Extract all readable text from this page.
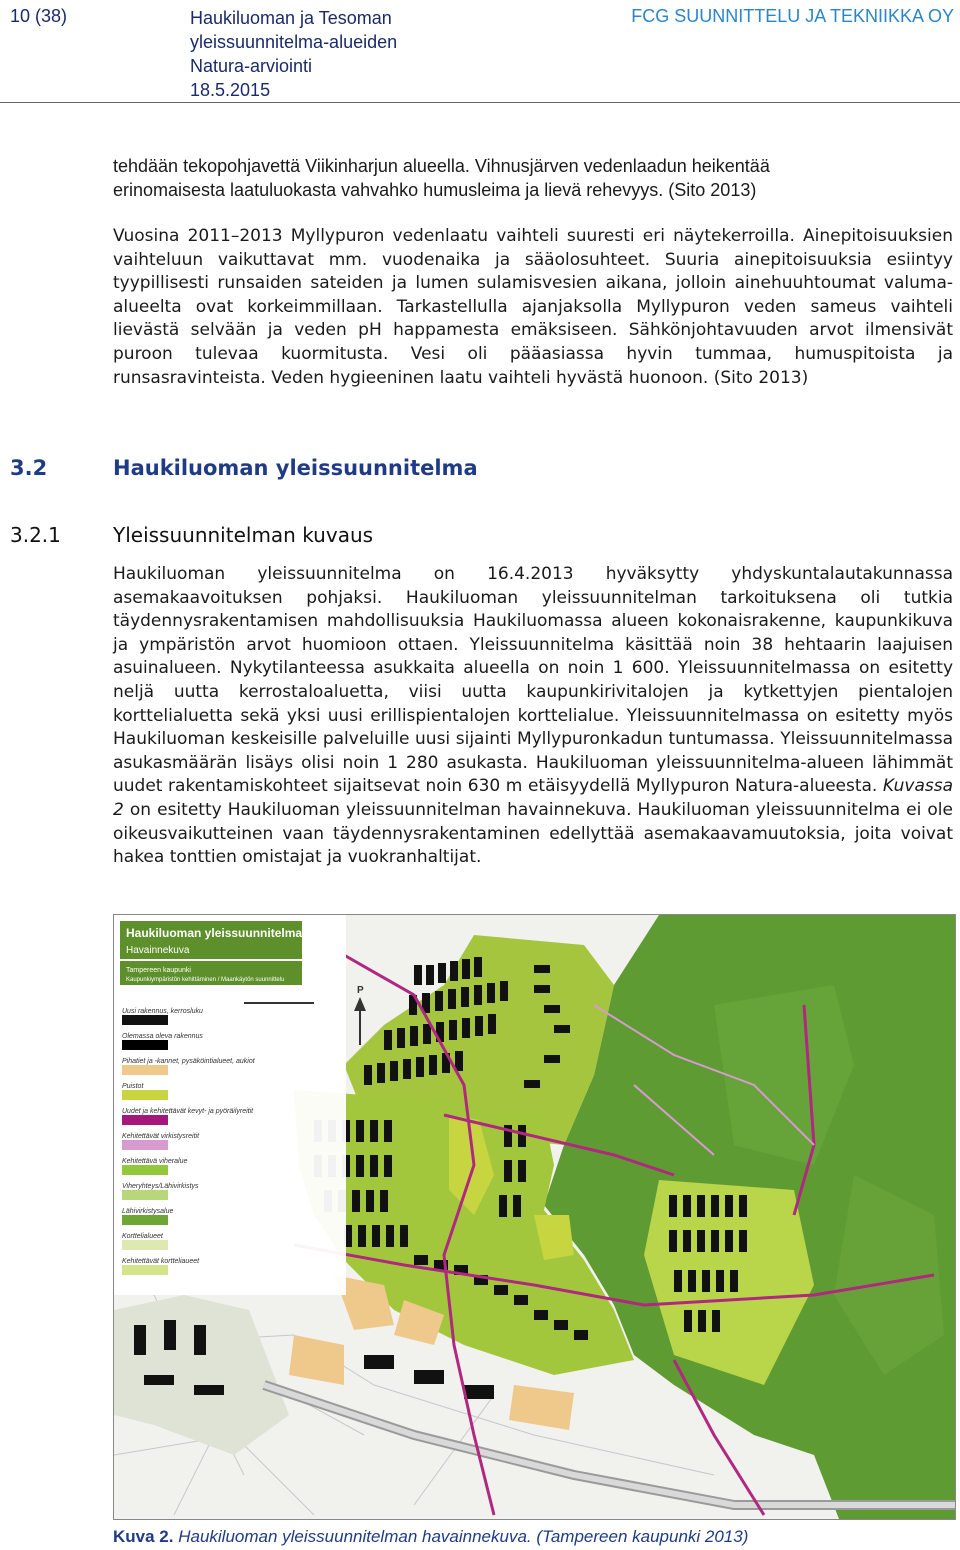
10 (38)	Haukiluoman ja Tesoman
yleissuunnitelma-alueiden
Natura-arviointi
18.5.2015
FCG SUUNNITTELU JA TEKNIIKKA OY
tehdään tekopohjavettä Viikinharjun alueella. Vihnusjärven vedenlaadun heikentää
erinomaisesta laatuluokasta vahvahko humusleima ja lievä rehevyys. (Sito 2013)
Vuosina 2011–2013 Myllypuron vedenlaatu vaihteli suuresti eri näytekerroilla. Ainepitoisuuksien vaihteluun vaikuttavat mm. vuodenaika ja sääolosuhteet. Suuria ainepitoisuuksia esiintyy tyypillisesti runsaiden sateiden ja lumen sulamisvesien aikana, jolloin ainehuuhtoumat valuma-alueelta ovat korkeimmillaan. Tarkastellulla ajanjaksolla Myllypuron veden sameus vaihteli lievästä selvään ja veden pH happamesta emäksiseen. Sähkönjohtavuuden arvot ilmensivät puroon tulevaa kuormitusta. Vesi oli pääasiassa hyvin tummaa, humuspitoista ja runsasravinteista. Veden hygieeninen laatu vaihteli hyvästä huonoon. (Sito 2013)
3.2	Haukiluoman yleissuunnitelma
3.2.1	Yleissuunnitelman kuvaus
Haukiluoman yleissuunnitelma on 16.4.2013 hyväksytty yhdyskuntalautakunnassa asemakaavoituksen pohjaksi. Haukiluoman yleissuunnitelman tarkoituksena oli tutkia täydennysrakentamisen mahdollisuuksia Haukiluomassa alueen kokonaisrakenne, kaupunkikuva ja ympäristön arvot huomioon ottaen. Yleissuunnitelma käsittää noin 38 hehtaarin laajuisen asuinalueen. Nykytilanteessa asukkaita alueella on noin 1 600. Yleissuunnitelmassa on esitetty neljä uutta kerrostaloaluetta, viisi uutta kaupunkirivitalojen ja kytkettyjen pientalojen korttelialuetta sekä yksi uusi erillispientalojen korttelialue. Yleissuunnitelmassa on esitetty myös Haukiluoman keskeisille palveluille uusi sijainti Myllypuronkadun tuntumassa. Yleissuunnitelmassa asukasmäärän lisäys olisi noin 1 280 asukasta. Haukiluoman yleissuunnitelma-alueen lähimmät uudet rakentamiskohteet sijaitsevat noin 630 m etäisyydellä Myllypuron Natura-alueesta. Kuvassa 2 on esitetty Haukiluoman yleissuunnitelman havainnekuva. Haukiluoman yleissuunnitelma ei ole oikeusvaikutteinen vaan täydennysrakentaminen edellyttää asemakaavamuutoksia, joita voivat hakea tonttien omistajat ja vuokranhaltijat.
Haukiluoman yleissuunnitelma
Havainnekuva
Tampereen kaupunki
Kaupunkiympäristön kehittäminen / Maankäytön suunnittelu
Uusi rakennus, kerrosluku
Olemassa oleva rakennus
Pihatiet ja -kannet, pysäköintialueet, aukiot
Puistot
Uudet ja kehitettävät kevyt- ja pyöräilyreitit
Kehitettävät virkistysreitit
Kehitettävä viheralue
Viheryhteys/Lähivirkistys
Lähivirkistysalue
Korttelialueet
Kehitettävät kortteliaueet
P
Kuva 2. Haukiluoman yleissuunnitelman havainnekuva. (Tampereen kaupunki 2013)
